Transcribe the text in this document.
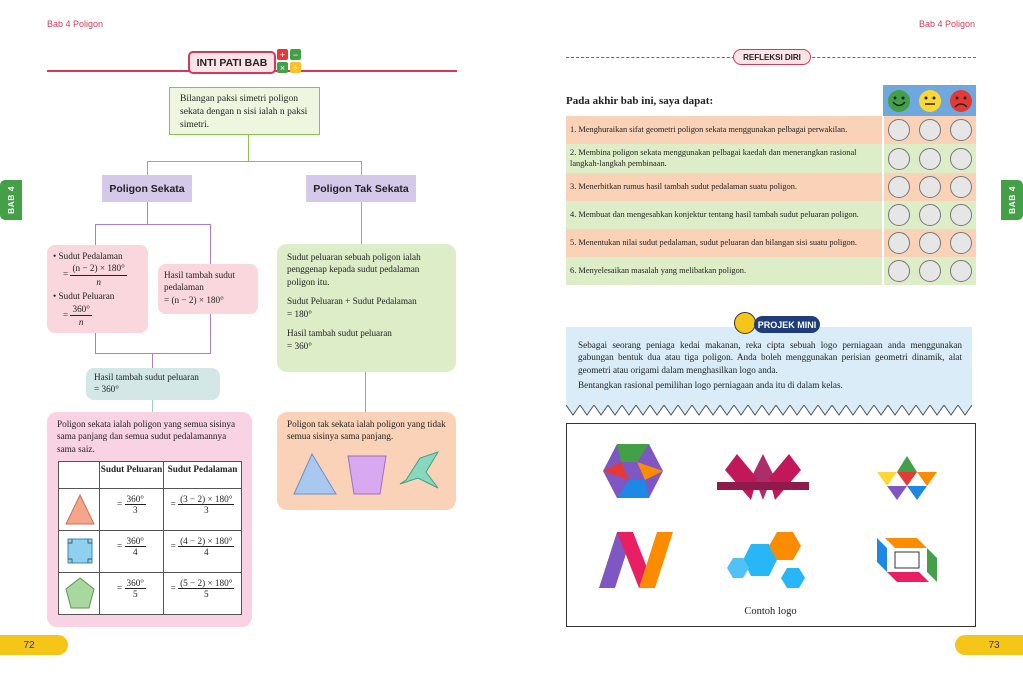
Bab 4 Poligon
BAB 4
INTI PATI BAB
+ −
× ÷
Bilangan paksi simetri poligon sekata dengan n sisi ialah n paksi simetri.
Poligon Sekata	Poligon Tak Sekata
• Sudut Pedalaman
= $\frac{(n - 2) \times 180^\circ}{n}$
• Sudut Peluaran
= $\frac{360^\circ}{n}$
Hasil tambah sudut pedalaman
= (n − 2) × 180°
Hasil tambah sudut peluaran
= 360°
Sudut peluaran sebuah poligon ialah penggenap kepada sudut pedalaman poligon itu.
Sudut Peluaran + Sudut Pedalaman
= 180°
Hasil tambah sudut peluaran
= 360°
Poligon sekata ialah poligon yang semua sisinya sama panjang dan semua sudut pedalamannya sama saiz.
Sudut Peluaran Sudut Pedalaman
= $\frac{360^\circ}{3}$	= $\frac{(3 - 2) \times 180^\circ}{3}$
= $\frac{360^\circ}{4}$	= $\frac{(4 - 2) \times 180^\circ}{4}$
= $\frac{360^\circ}{5}$	= $\frac{(5 - 2) \times 180^\circ}{5}$
Poligon tak sekata ialah poligon yang tidak semua sisinya sama panjang.
72
Bab 4 Poligon
BAB 4
REFLEKSI DIRI
Pada akhir bab ini, saya dapat:
1. Menghuraikan sifat geometri poligon sekata menggunakan pelbagai perwakilan.
2. Membina poligon sekata menggunakan pelbagai kaedah dan menerangkan rasional langkah-langkah pembinaan.
3. Menerbitkan rumus hasil tambah sudut pedalaman suatu poligon.
4. Membuat dan mengesahkan konjektur tentang hasil tambah sudut peluaran poligon.
5. Menentukan nilai sudut pedalaman, sudut peluaran dan bilangan sisi suatu poligon.
6. Menyelesaikan masalah yang melibatkan poligon.
PROJEK MINI
Sebagai seorang peniaga kedai makanan, reka cipta sebuah logo perniagaan anda menggunakan gabungan bentuk dua atau tiga poligon. Anda boleh menggunakan perisian geometri dinamik, alat geometri atau origami dalam menghasilkan logo anda.
Bentangkan rasional pemilihan logo perniagaan anda itu di dalam kelas.
Contoh logo
73
